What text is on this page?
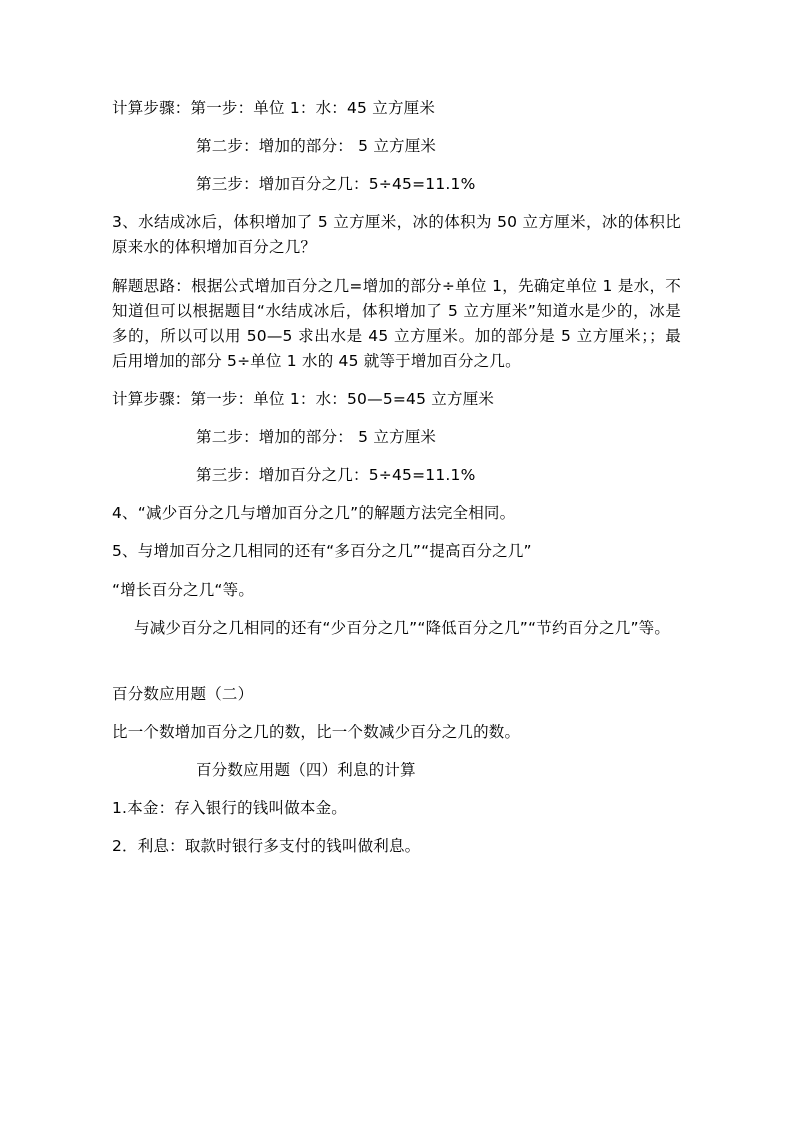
计算步骤：第一步：单位 1：水：45 立方厘米

第二步：增加的部分： 5 立方厘米

第三步：增加百分之几：5÷45=11.1%

3、水结成冰后，体积增加了 5 立方厘米，冰的体积为 50 立方厘米，冰的体积比原来水的体积增加百分之几？

解题思路：根据公式增加百分之几=增加的部分÷单位 1，先确定单位 1 是水，不知道但可以根据题目“水结成冰后，体积增加了 5 立方厘米”知道水是少的，冰是多的，所以可以用 50—5 求出水是 45 立方厘米。加的部分是 5 立方厘米；；最后用增加的部分 5÷单位 1 水的 45 就等于增加百分之几。

计算步骤：第一步：单位 1：水：50—5=45 立方厘米

第二步：增加的部分： 5 立方厘米

第三步：增加百分之几：5÷45=11.1%

4、“减少百分之几与增加百分之几”的解题方法完全相同。

5、与增加百分之几相同的还有“多百分之几”“提高百分之几”

“增长百分之几“等。

与减少百分之几相同的还有“少百分之几”“降低百分之几”“节约百分之几”等。

百分数应用题（二）

比一个数增加百分之几的数，比一个数减少百分之几的数。

百分数应用题（四）利息的计算

1.本金：存入银行的钱叫做本金。

2．利息：取款时银行多支付的钱叫做利息。
